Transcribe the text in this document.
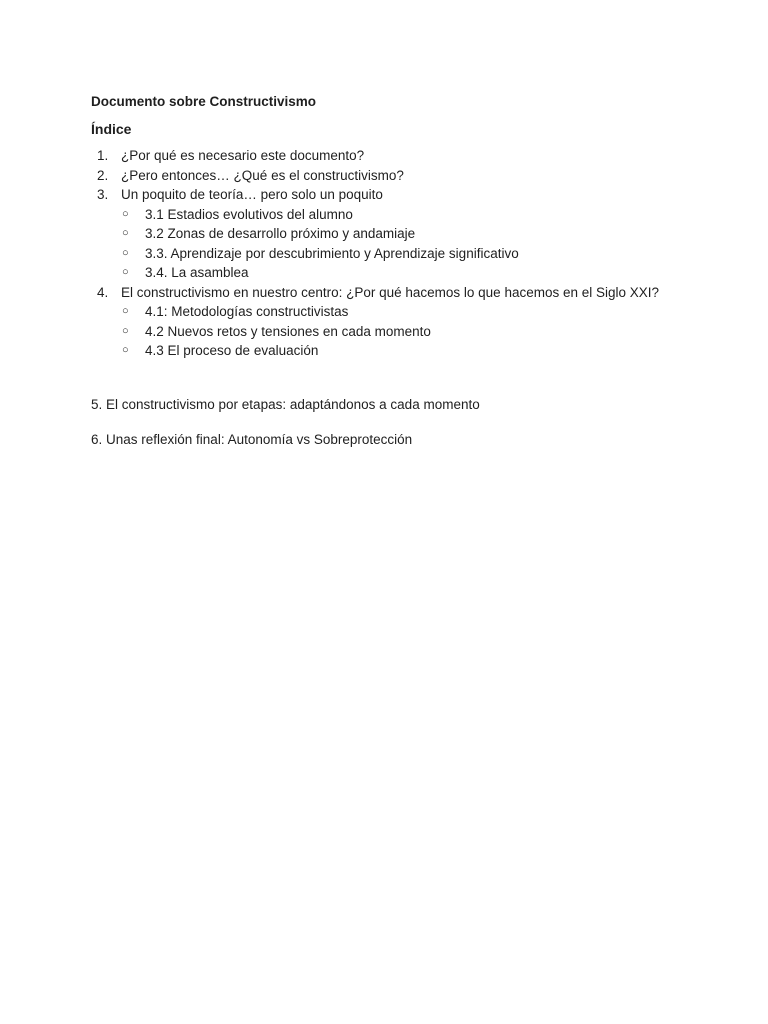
Documento sobre Constructivismo
Índice
1. ¿Por qué es necesario este documento?
2. ¿Pero entonces… ¿Qué es el constructivismo?
3. Un poquito de teoría… pero solo un poquito
○ 3.1 Estadios evolutivos del alumno
○ 3.2 Zonas de desarrollo próximo y andamiaje
○ 3.3. Aprendizaje por descubrimiento y Aprendizaje significativo
○ 3.4. La asamblea
4. El constructivismo en nuestro centro: ¿Por qué hacemos lo que hacemos en el Siglo XXI?
○ 4.1: Metodologías constructivistas
○ 4.2 Nuevos retos y tensiones en cada momento
○ 4.3 El proceso de evaluación
5. El constructivismo por etapas: adaptándonos a cada momento
6. Unas reflexión final: Autonomía vs Sobreprotección
